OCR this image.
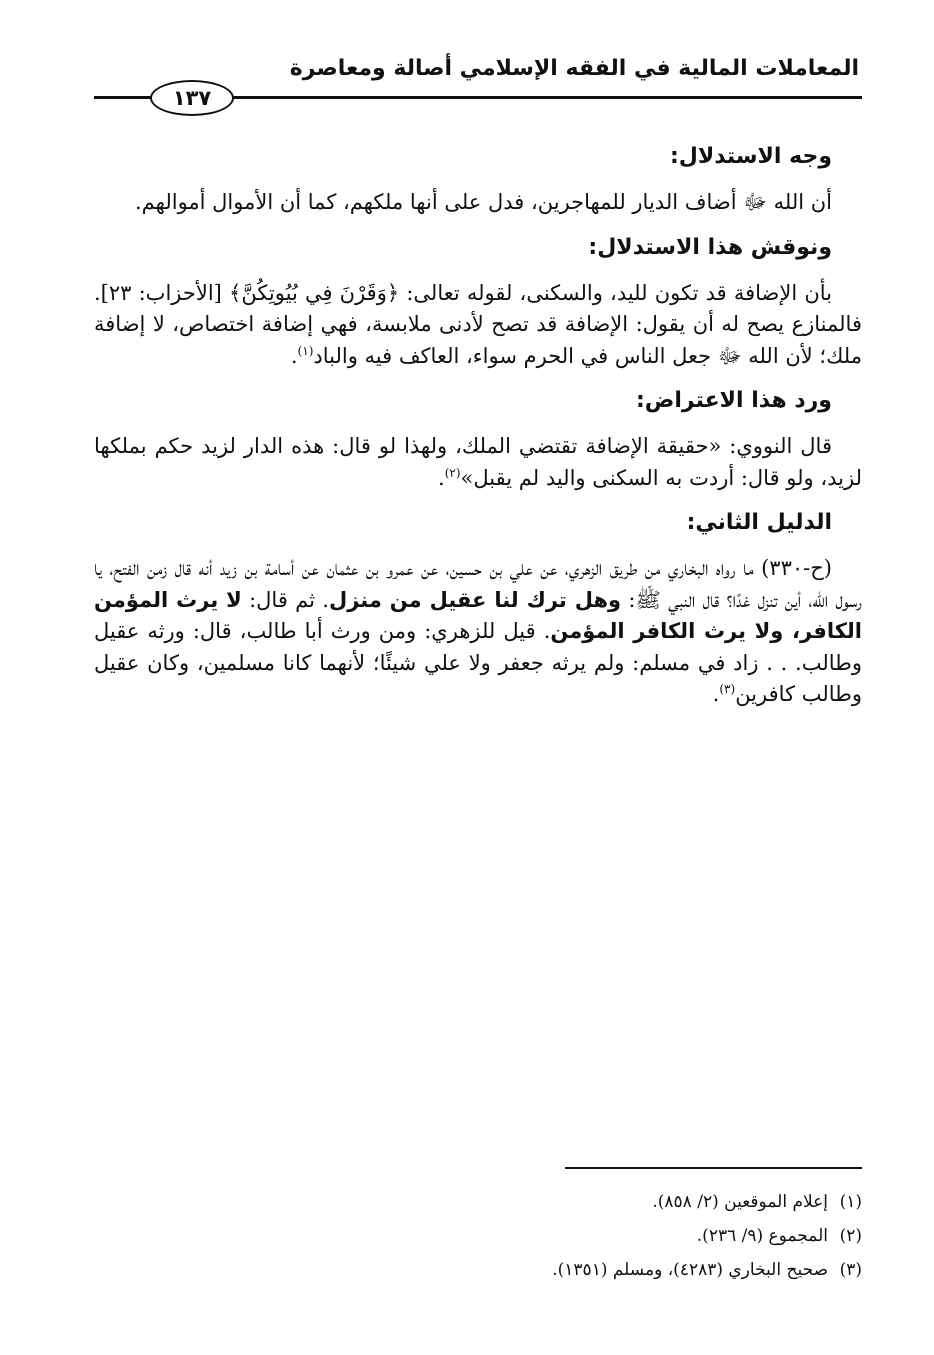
المعاملات المالية في الفقه الإسلامي أصالة ومعاصرة
١٣٧
وجه الاستدلال:

أن الله ﷻ أضاف الديار للمهاجرين، فدل على أنها ملكهم، كما أن الأموال أموالهم.

ونوقش هذا الاستدلال:

بأن الإضافة قد تكون لليد، والسكنى، لقوله تعالى: ﴿وَقَرْنَ فِي بُيُوتِكُنَّ﴾ [الأحزاب: ٢٣]. فالمنازع يصح له أن يقول: الإضافة قد تصح لأدنى ملابسة، فهي إضافة اختصاص، لا إضافة ملك؛ لأن الله ﷻ جعل الناس في الحرم سواء، العاكف فيه والباد$^{(١)}$.

ورد هذا الاعتراض:

قال النووي: «حقيقة الإضافة تقتضي الملك، ولهذا لو قال: هذه الدار لزيد حكم بملكها لزيد، ولو قال: أردت به السكنى واليد لم يقبل»$^{(٢)}$.

الدليل الثاني:

(ح-٣٣٠) ما رواه البخاري من طريق الزهري، عن علي بن حسين، عن عمرو بن عثمان عن أسامة بن زيد أنه قال زمن الفتح، يا رسول الله، أين تنزل غدًا؟ قال النبي ﷺ: وهل ترك لنا عقيل من منزل. ثم قال: لا يرث المؤمن الكافر، ولا يرث الكافر المؤمن. قيل للزهري: ومن ورث أبا طالب، قال: ورثه عقيل وطالب. . . زاد في مسلم: ولم يرثه جعفر ولا علي شيئًا؛ لأنهما كانا مسلمين، وكان عقيل وطالب كافرين$^{(٣)}$.

(١)إعلام الموقعين (٢/ ٨٥٨).
(٢)المجموع (٩/ ٢٣٦).
(٣)صحيح البخاري (٤٢٨٣)، ومسلم (١٣٥١).
